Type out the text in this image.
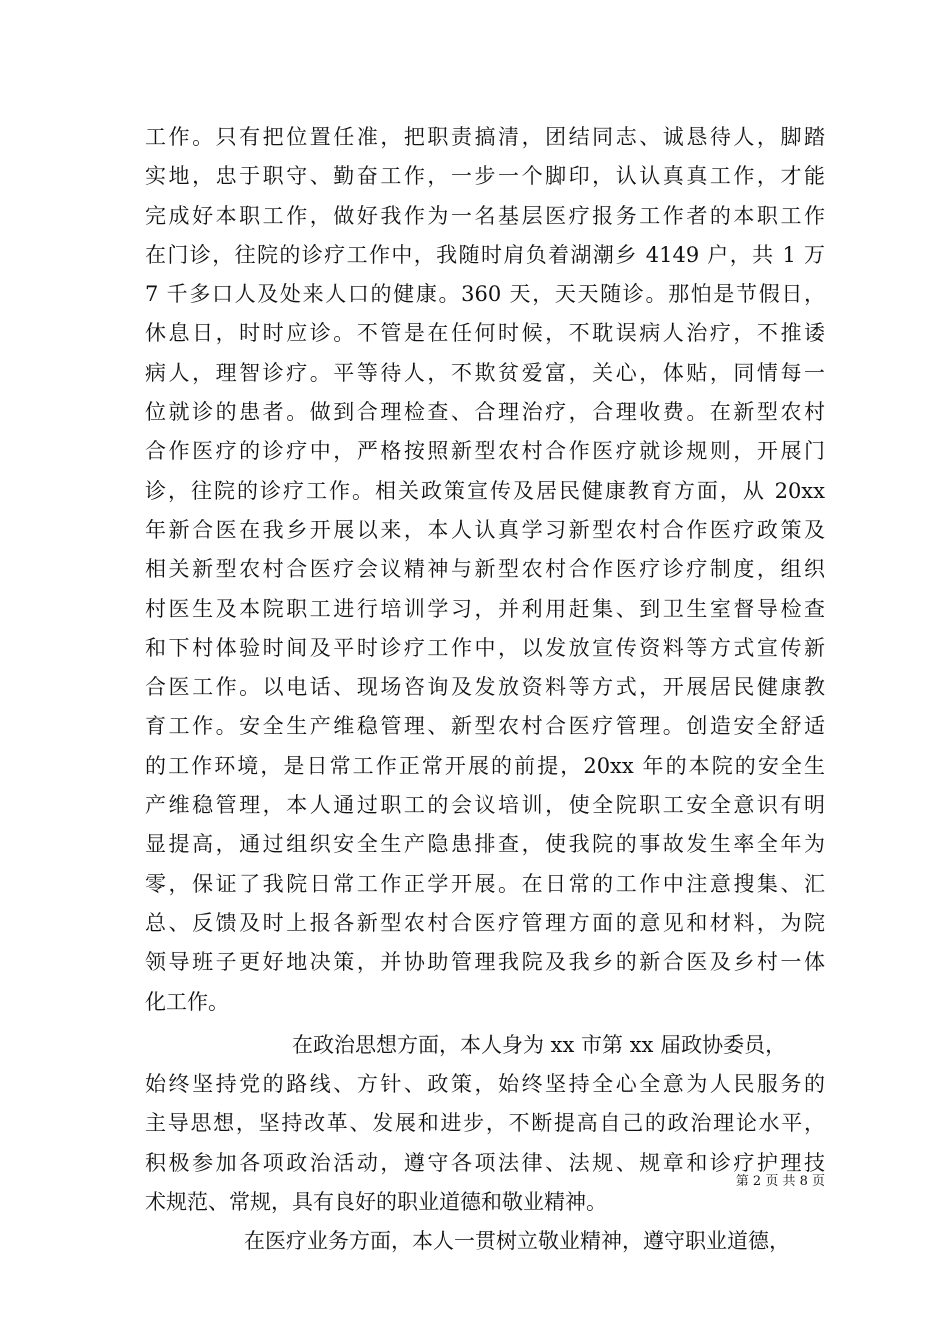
工作。只有把位置任准，把职责搞清，团结同志、诚恳待人，脚踏
实地，忠于职守、勤奋工作，一步一个脚印，认认真真工作，才能
完成好本职工作，做好我作为一名基层医疗报务工作者的本职工作
在门诊，往院的诊疗工作中，我随时肩负着湖潮乡 4149 户，共 1 万
7 千多口人及处来人口的健康。360 天，天天随诊。那怕是节假日，
休息日，时时应诊。不管是在任何时候，不耽误病人治疗，不推诿
病人，理智诊疗。平等待人，不欺贫爱富，关心，体贴，同情每一
位就诊的患者。做到合理检查、合理治疗，合理收费。在新型农村
合作医疗的诊疗中，严格按照新型农村合作医疗就诊规则，开展门
诊，往院的诊疗工作。相关政策宣传及居民健康教育方面，从 20xx
年新合医在我乡开展以来，本人认真学习新型农村合作医疗政策及
相关新型农村合医疗会议精神与新型农村合作医疗诊疗制度，组织
村医生及本院职工进行培训学习，并利用赶集、到卫生室督导检查
和下村体验时间及平时诊疗工作中，以发放宣传资料等方式宣传新
合医工作。以电话、现场咨询及发放资料等方式，开展居民健康教
育工作。安全生产维稳管理、新型农村合医疗管理。创造安全舒适
的工作环境，是日常工作正常开展的前提，20xx 年的本院的安全生
产维稳管理，本人通过职工的会议培训，使全院职工安全意识有明
显提高，通过组织安全生产隐患排查，使我院的事故发生率全年为
零，保证了我院日常工作正学开展。在日常的工作中注意搜集、汇
总、反馈及时上报各新型农村合医疗管理方面的意见和材料，为院
领导班子更好地决策，并协助管理我院及我乡的新合医及乡村一体
化工作。
在政治思想方面，本人身为 xx 市第 xx 届政协委员，
始终坚持党的路线、方针、政策，始终坚持全心全意为人民服务的
主导思想，坚持改革、发展和进步，不断提高自己的政治理论水平，
积极参加各项政治活动，遵守各项法律、法规、规章和诊疗护理技
术规范、常规，具有良好的职业道德和敬业精神。
在医疗业务方面，本人一贯树立敬业精神，遵守职业道德，
第 2 页 共 8 页
